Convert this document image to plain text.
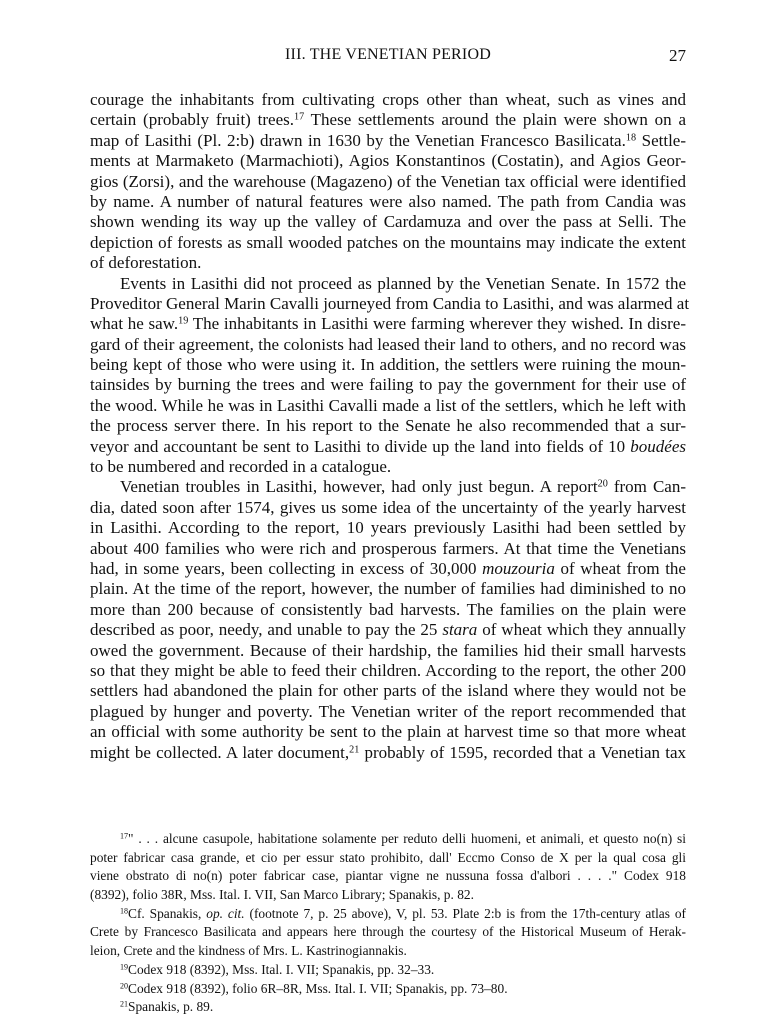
III. THE VENETIAN PERIOD	27

courage the inhabitants from cultivating crops other than wheat, such as vines and
certain (probably fruit) trees.$^{17}$ These settlements around the plain were shown on a
map of Lasithi (Pl. 2:b) drawn in 1630 by the Venetian Francesco Basilicata.$^{18}$ Settle-
ments at Marmaketo (Marmachioti), Agios Konstantinos (Costatin), and Agios Geor-
gios (Zorsi), and the warehouse (Magazeno) of the Venetian tax official were identified
by name. A number of natural features were also named. The path from Candia was
shown wending its way up the valley of Cardamuza and over the pass at Selli. The
depiction of forests as small wooded patches on the mountains may indicate the extent
of deforestation.

Events in Lasithi did not proceed as planned by the Venetian Senate. In 1572 the
Proveditor General Marin Cavalli journeyed from Candia to Lasithi, and was alarmed at
what he saw.$^{19}$ The inhabitants in Lasithi were farming wherever they wished. In disre-
gard of their agreement, the colonists had leased their land to others, and no record was
being kept of those who were using it. In addition, the settlers were ruining the moun-
tainsides by burning the trees and were failing to pay the government for their use of
the wood. While he was in Lasithi Cavalli made a list of the settlers, which he left with
the process server there. In his report to the Senate he also recommended that a sur-
veyor and accountant be sent to Lasithi to divide up the land into fields of 10 boudées
to be numbered and recorded in a catalogue.

Venetian troubles in Lasithi, however, had only just begun. A report$^{20}$ from Can-
dia, dated soon after 1574, gives us some idea of the uncertainty of the yearly harvest
in Lasithi. According to the report, 10 years previously Lasithi had been settled by
about 400 families who were rich and prosperous farmers. At that time the Venetians
had, in some years, been collecting in excess of 30,000 mouzouria of wheat from the
plain. At the time of the report, however, the number of families had diminished to no
more than 200 because of consistently bad harvests. The families on the plain were
described as poor, needy, and unable to pay the 25 stara of wheat which they annually
owed the government. Because of their hardship, the families hid their small harvests
so that they might be able to feed their children. According to the report, the other 200
settlers had abandoned the plain for other parts of the island where they would not be
plagued by hunger and poverty. The Venetian writer of the report recommended that
an official with some authority be sent to the plain at harvest time so that more wheat
might be collected. A later document,$^{21}$ probably of 1595, recorded that a Venetian tax

$^{17}$" . . . alcune casupole, habitatione solamente per reduto delli huomeni, et animali, et questo no(n) si
poter fabricar casa grande, et cio per essur stato prohibito, dall' Eccmo Conso de X per la qual cosa gli
viene obstrato di no(n) poter fabricar case, piantar vigne ne nussuna fossa d'albori . . . ." Codex 918
(8392), folio 38R, Mss. Ital. I. VII, San Marco Library; Spanakis, p. 82.

$^{18}$Cf. Spanakis, op. cit. (footnote 7, p. 25 above), V, pl. 53. Plate 2:b is from the 17th-century atlas of
Crete by Francesco Basilicata and appears here through the courtesy of the Historical Museum of Herak-
leion, Crete and the kindness of Mrs. L. Kastrinogiannakis.

$^{19}$Codex 918 (8392), Mss. Ital. I. VII; Spanakis, pp. 32–33.

$^{20}$Codex 918 (8392), folio 6R–8R, Mss. Ital. I. VII; Spanakis, pp. 73–80.

$^{21}$Spanakis, p. 89.
